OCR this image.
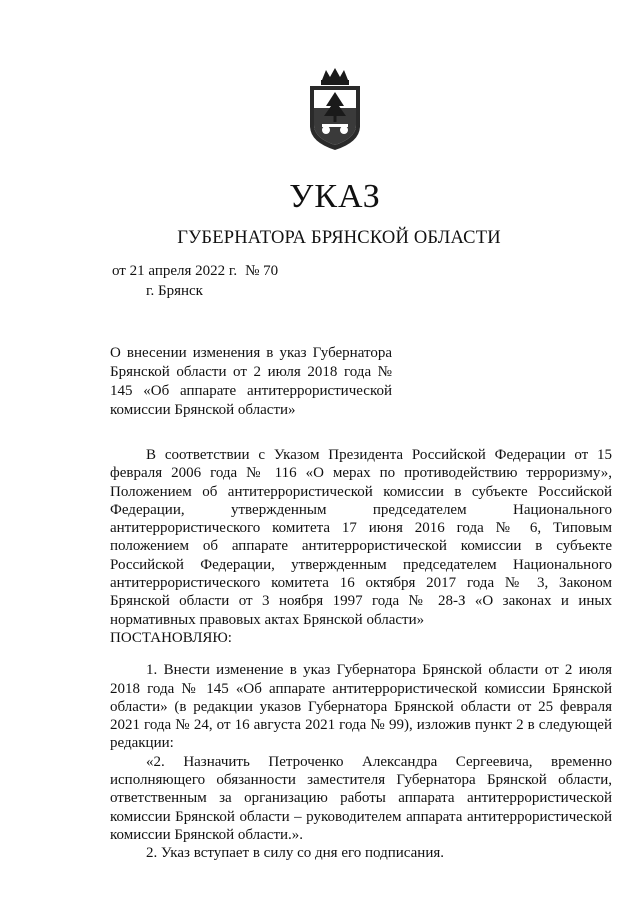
УКАЗ
ГУБЕРНАТОРА БРЯНСКОЙ ОБЛАСТИ
от 21 апреля 2022 г. № 70
г. Брянск
О внесении изменения в указ Губернатора Брянской области от 2 июля 2018 года № 145 «Об аппарате антитеррористической комиссии Брянской области»

В соответствии с Указом Президента Российской Федерации от 15 февраля 2006 года № 116 «О мерах по противодействию терроризму», Положением об антитеррористической комиссии в субъекте Российской Федерации, утвержденным председателем Национального антитеррористического комитета 17 июня 2016 года № 6, Типовым положением об аппарате антитеррористической комиссии в субъекте Российской Федерации, утвержденным председателем Национального антитеррористического комитета 16 октября 2017 года № 3, Законом Брянской области от 3 ноября 1997 года № 28-З «О законах и иных нормативных правовых актах Брянской области»

ПОСТАНОВЛЯЮ:

1. Внести изменение в указ Губернатора Брянской области от 2 июля 2018 года № 145 «Об аппарате антитеррористической комиссии Брянской области» (в редакции указов Губернатора Брянской области от 25 февраля 2021 года № 24, от 16 августа 2021 года № 99), изложив пункт 2 в следующей редакции:

«2. Назначить Петроченко Александра Сергеевича, временно исполняющего обязанности заместителя Губернатора Брянской области, ответственным за организацию работы аппарата антитеррористической комиссии Брянской области – руководителем аппарата антитеррористической комиссии Брянской области.».

2. Указ вступает в силу со дня его подписания.
